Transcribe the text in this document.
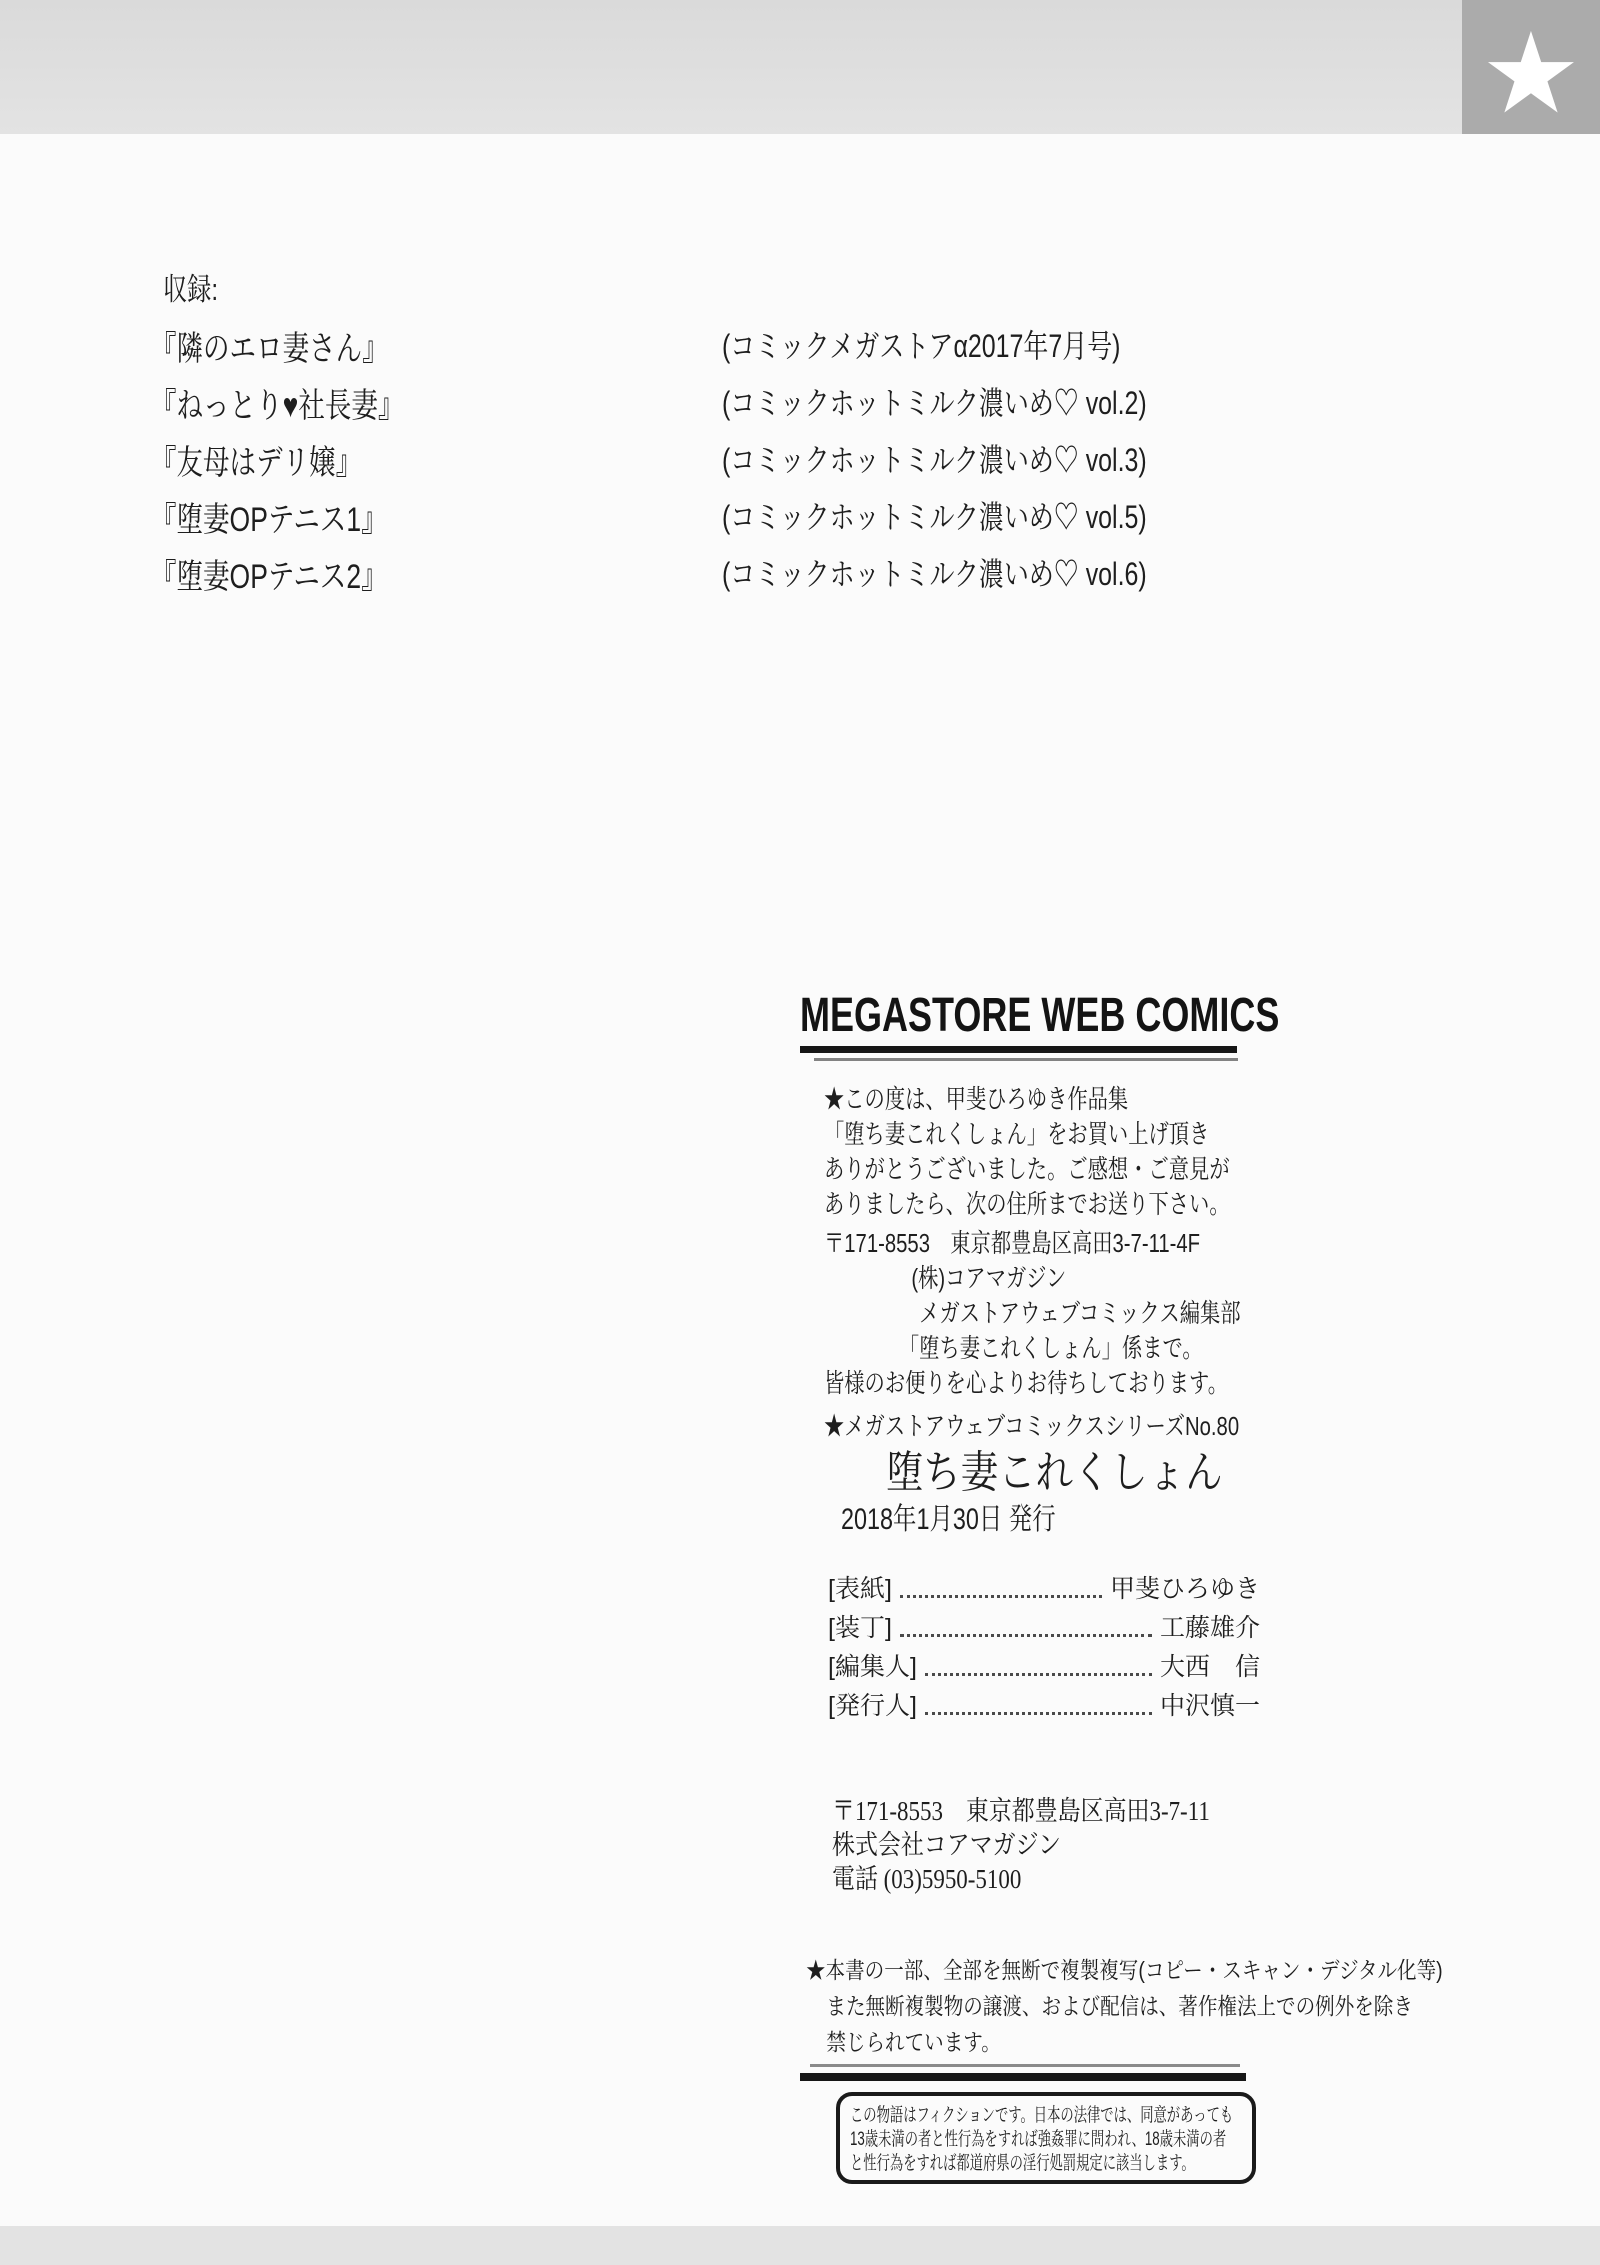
★
収録:
『隣のエロ妻さん』	(コミックメガストアα2017年7月号)
『ねっとり♥社長妻』	(コミックホットミルク濃いめ♡ vol.2)
『友母はデリ嬢』	(コミックホットミルク濃いめ♡ vol.3)
『堕妻OPテニス1』	(コミックホットミルク濃いめ♡ vol.5)
『堕妻OPテニス2』	(コミックホットミルク濃いめ♡ vol.6)
MEGASTORE WEB COMICS
★この度は、甲斐ひろゆき作品集
「堕ち妻これくしょん」をお買い上げ頂き
ありがとうございました。ご感想・ご意見が
ありましたら、次の住所までお送り下さい。
〒171-8553　東京都豊島区高田3-7-11-4F
(株)コアマガジン
メガストアウェブコミックス編集部
「堕ち妻これくしょん」係まで。
皆様のお便りを心よりお待ちしております。
★メガストアウェブコミックスシリーズNo.80
堕ち妻これくしょん
2018年1月30日 発行
[表紙]	甲斐ひろゆき
[装丁]	工藤雄介
[編集人]	大西　信
[発行人]	中沢慎一
〒171-8553　東京都豊島区高田3-7-11
株式会社コアマガジン
電話 (03)5950-5100
★本書の一部、全部を無断で複製複写(コピー・スキャン・デジタル化等)
また無断複製物の譲渡、および配信は、著作権法上での例外を除き
禁じられています。
この物語はフィクションです。日本の法律では、同意があっても
13歳未満の者と性行為をすれば強姦罪に問われ、18歳未満の者
と性行為をすれば都道府県の淫行処罰規定に該当します。
